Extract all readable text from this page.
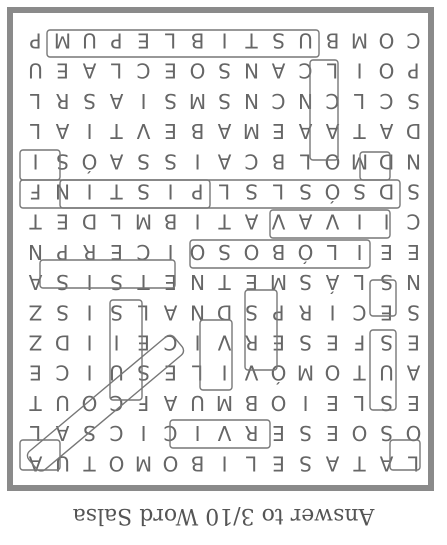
P M U P E L B I T S U B M O C
U E A L C E O S N A C L I O P
L R S A I S M S N C N C L C S
L A I T V E B A M E A A T A D
I S Ó A S S I A C B L O M D N
F N I T S I P L S L S Ó S D S
T E D L M B I T A V A V I I C
N P R E C I O S O B Ó L I E E
A S I S T E N T E M S Á L S N
Z S I S L A N D S P R I C E S
Z D I I E C I V R E S E F S E
E C I U S E L I V Ó M O T U A
T U O C F A U M B O I E L S E
L A S C I C I V R E S E O S O
A U T O M O B I L E S A T A L
Answer to 3/10 Word Salsa
